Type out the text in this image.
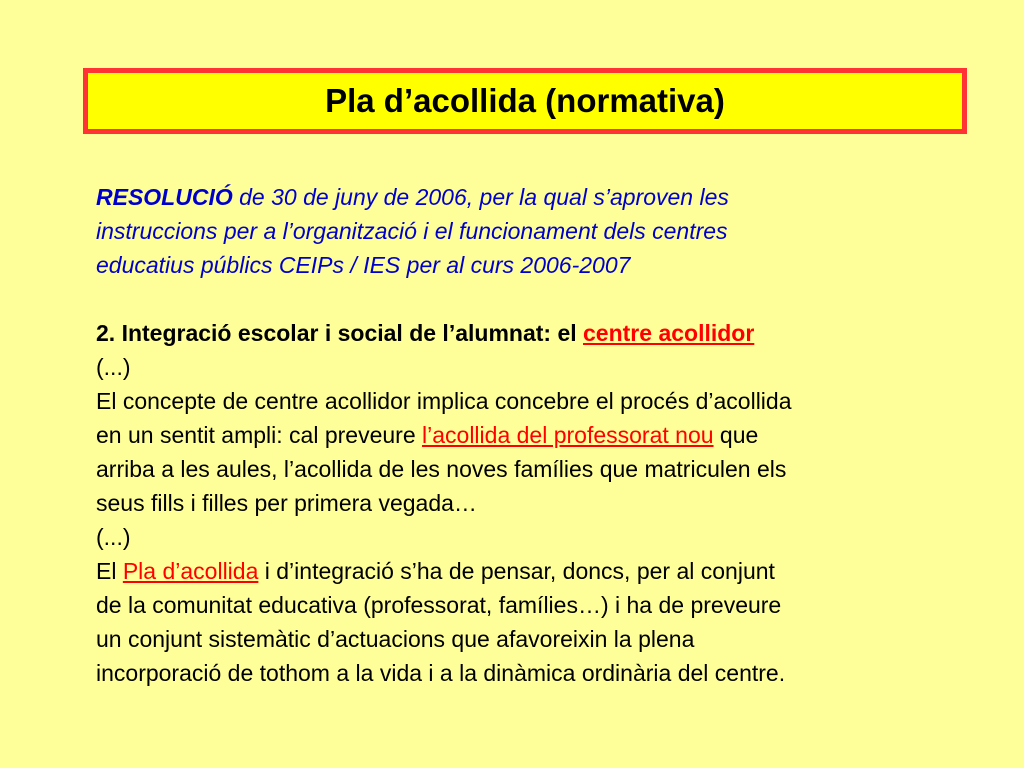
Pla d’acollida (normativa)
RESOLUCIÓ de 30 de juny de 2006, per la qual s’aproven les
instruccions per a l’organització i el funcionament dels centres
educatius públics CEIPs / IES per al curs 2006-2007
2. Integració escolar i social de l’alumnat: el centre acollidor
(...)
El concepte de centre acollidor implica concebre el procés d’acollida
en un sentit ampli: cal preveure l’acollida del professorat nou que
arriba a les aules, l’acollida de les noves famílies que matriculen els
seus fills i filles per primera vegada…
(...)
El Pla d’acollida i d’integració s’ha de pensar, doncs, per al conjunt
de la comunitat educativa (professorat, famílies…) i ha de preveure
un conjunt sistemàtic d’actuacions que afavoreixin la plena
incorporació de tothom a la vida i a la dinàmica ordinària del centre.
